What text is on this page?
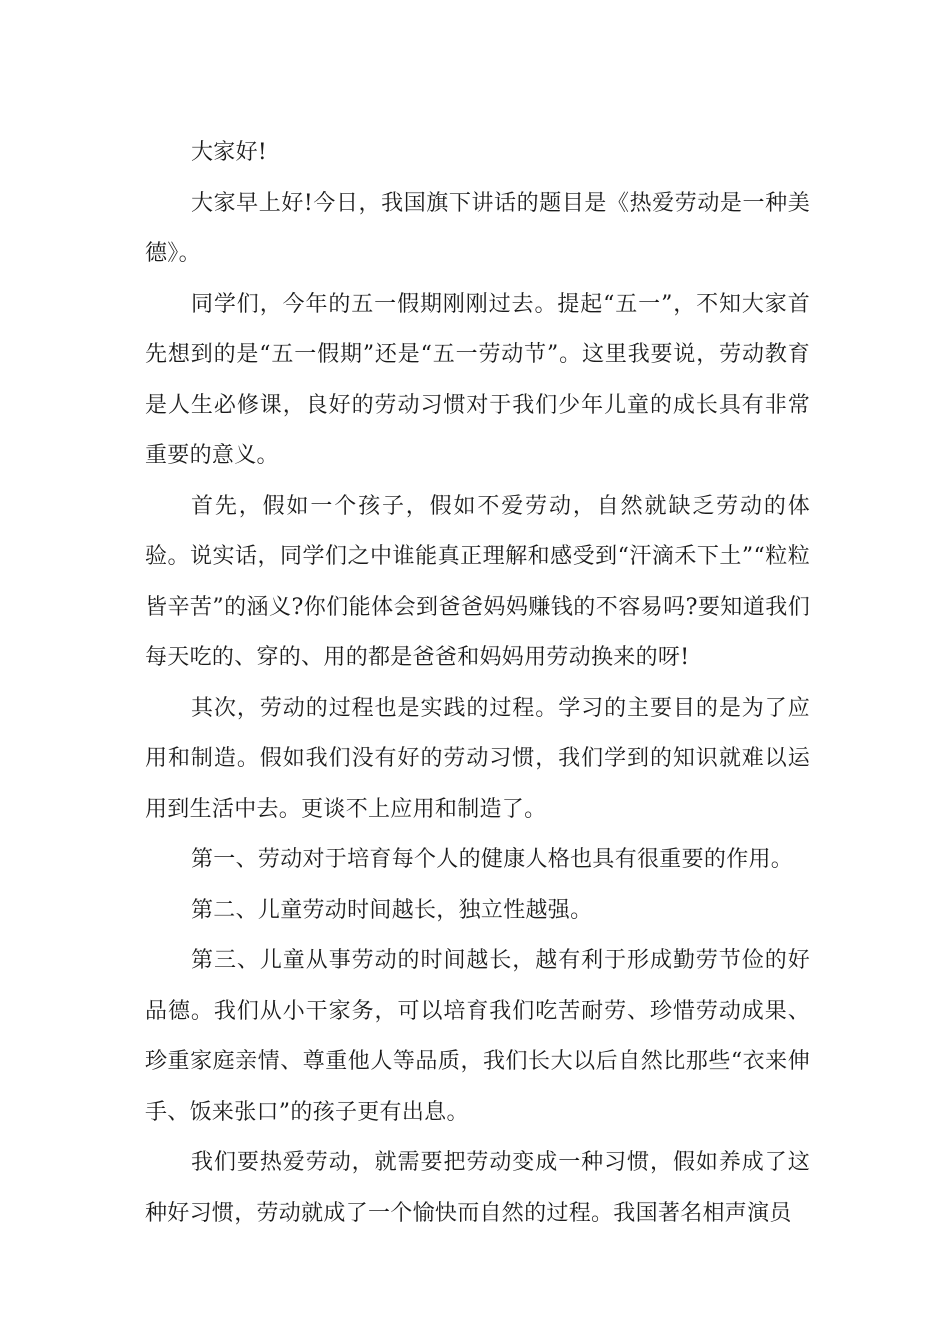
大家好!

大家早上好!今日，我国旗下讲话的题目是《热爱劳动是一种美德》。

同学们，今年的五一假期刚刚过去。提起“五一”，不知大家首先想到的是“五一假期”还是“五一劳动节”。这里我要说，劳动教育是人生必修课，良好的劳动习惯对于我们少年儿童的成长具有非常重要的意义。

首先，假如一个孩子，假如不爱劳动，自然就缺乏劳动的体验。说实话，同学们之中谁能真正理解和感受到“汗滴禾下土”“粒粒皆辛苦”的涵义?你们能体会到爸爸妈妈赚钱的不容易吗?要知道我们每天吃的、穿的、用的都是爸爸和妈妈用劳动换来的呀!

其次，劳动的过程也是实践的过程。学习的主要目的是为了应用和制造。假如我们没有好的劳动习惯，我们学到的知识就难以运用到生活中去。更谈不上应用和制造了。

第一、劳动对于培育每个人的健康人格也具有很重要的作用。

第二、儿童劳动时间越长，独立性越强。

第三、儿童从事劳动的时间越长，越有利于形成勤劳节俭的好品德。我们从小干家务，可以培育我们吃苦耐劳、珍惜劳动成果、珍重家庭亲情、尊重他人等品质，我们长大以后自然比那些“衣来伸手、饭来张口”的孩子更有出息。

我们要热爱劳动，就需要把劳动变成一种习惯，假如养成了这种好习惯，劳动就成了一个愉快而自然的过程。我国著名相声演员
